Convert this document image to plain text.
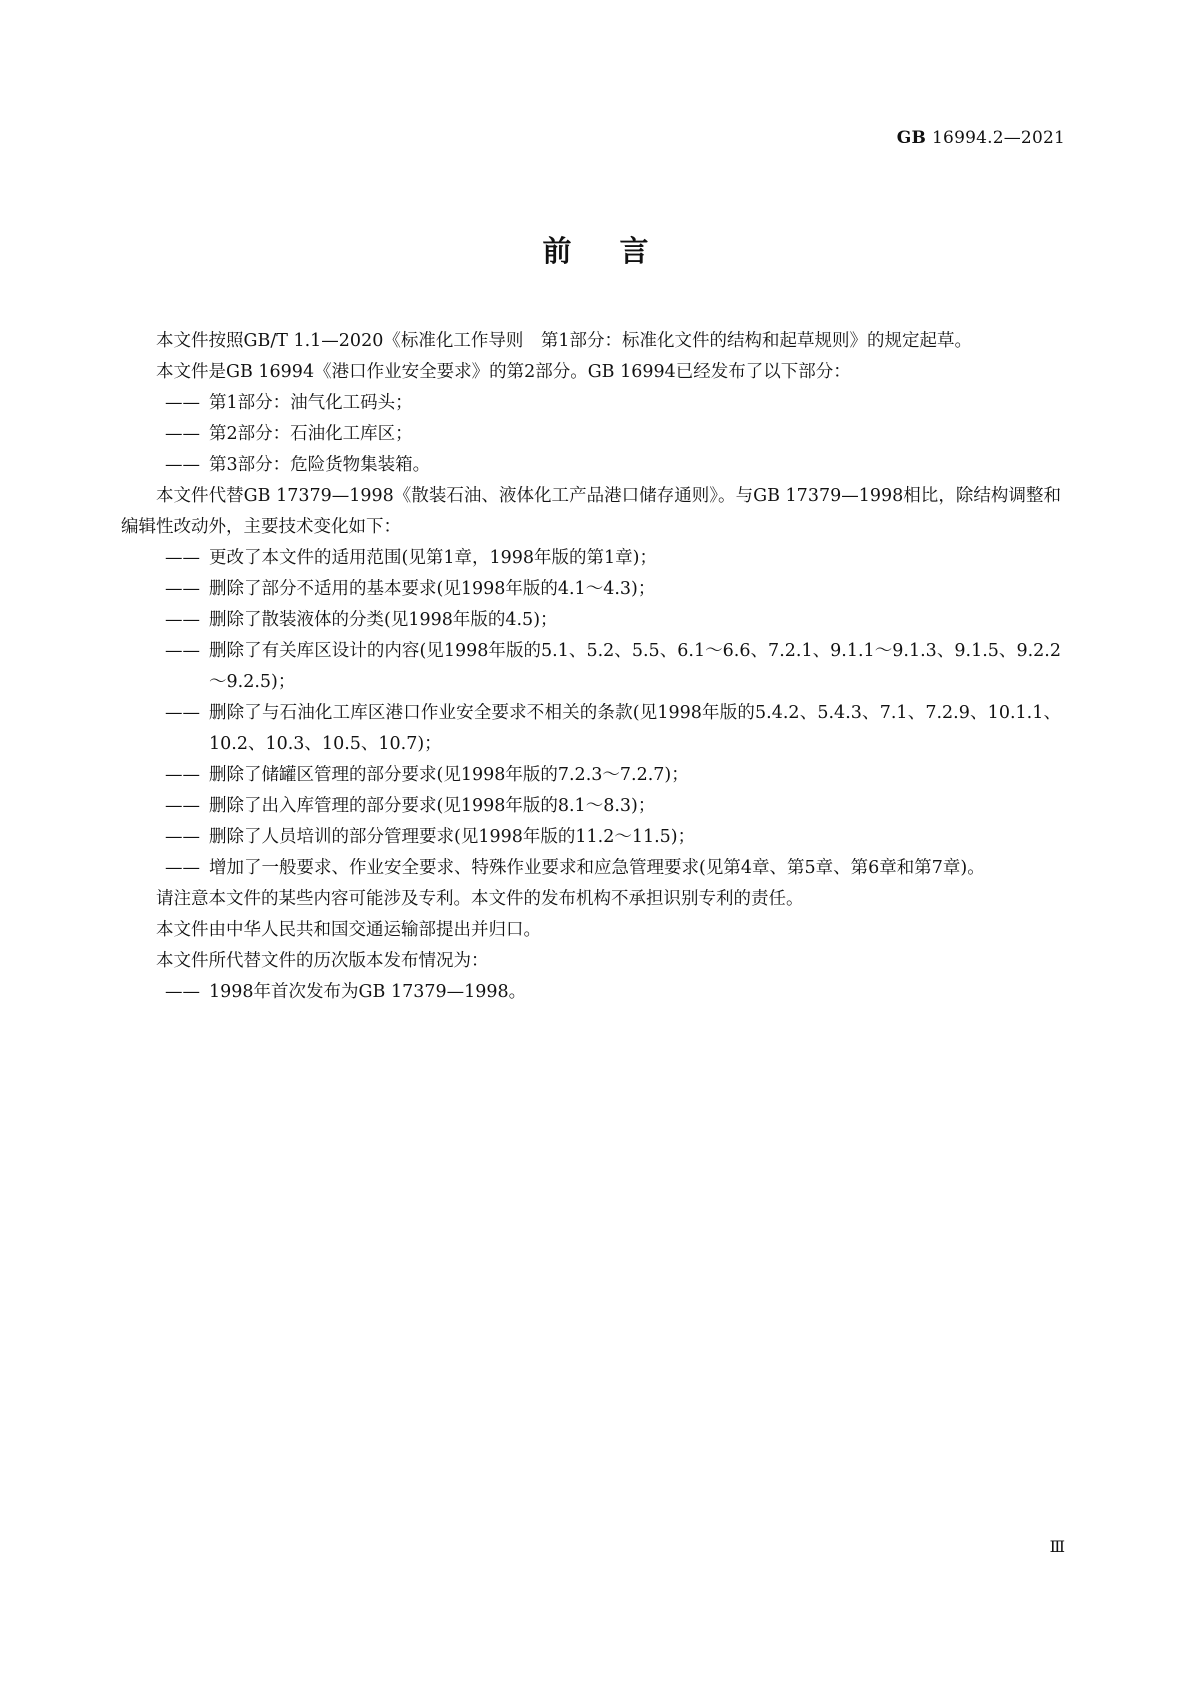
GB 16994.2—2021
前言
本文件按照GB/T 1.1—2020《标准化工作导则　第1部分：标准化文件的结构和起草规则》的规定起草。
本文件是GB 16994《港口作业安全要求》的第2部分。GB 16994已经发布了以下部分：
—— 第1部分：油气化工码头；
—— 第2部分：石油化工库区；
—— 第3部分：危险货物集装箱。
本文件代替GB 17379—1998《散装石油、液体化工产品港口储存通则》。与GB 17379—1998相比，除结构调整和编辑性改动外，主要技术变化如下：
—— 更改了本文件的适用范围(见第1章，1998年版的第1章)；
—— 删除了部分不适用的基本要求(见1998年版的4.1～4.3)；
—— 删除了散装液体的分类(见1998年版的4.5)；
—— 删除了有关库区设计的内容(见1998年版的5.1、5.2、5.5、6.1～6.6、7.2.1、9.1.1～9.1.3、9.1.5、9.2.2～9.2.5)；
—— 删除了与石油化工库区港口作业安全要求不相关的条款(见1998年版的5.4.2、5.4.3、7.1、7.2.9、10.1.1、10.2、10.3、10.5、10.7)；
—— 删除了储罐区管理的部分要求(见1998年版的7.2.3～7.2.7)；
—— 删除了出入库管理的部分要求(见1998年版的8.1～8.3)；
—— 删除了人员培训的部分管理要求(见1998年版的11.2～11.5)；
—— 增加了一般要求、作业安全要求、特殊作业要求和应急管理要求(见第4章、第5章、第6章和第7章)。
请注意本文件的某些内容可能涉及专利。本文件的发布机构不承担识别专利的责任。
本文件由中华人民共和国交通运输部提出并归口。
本文件所代替文件的历次版本发布情况为：
—— 1998年首次发布为GB 17379—1998。
Ⅲ
